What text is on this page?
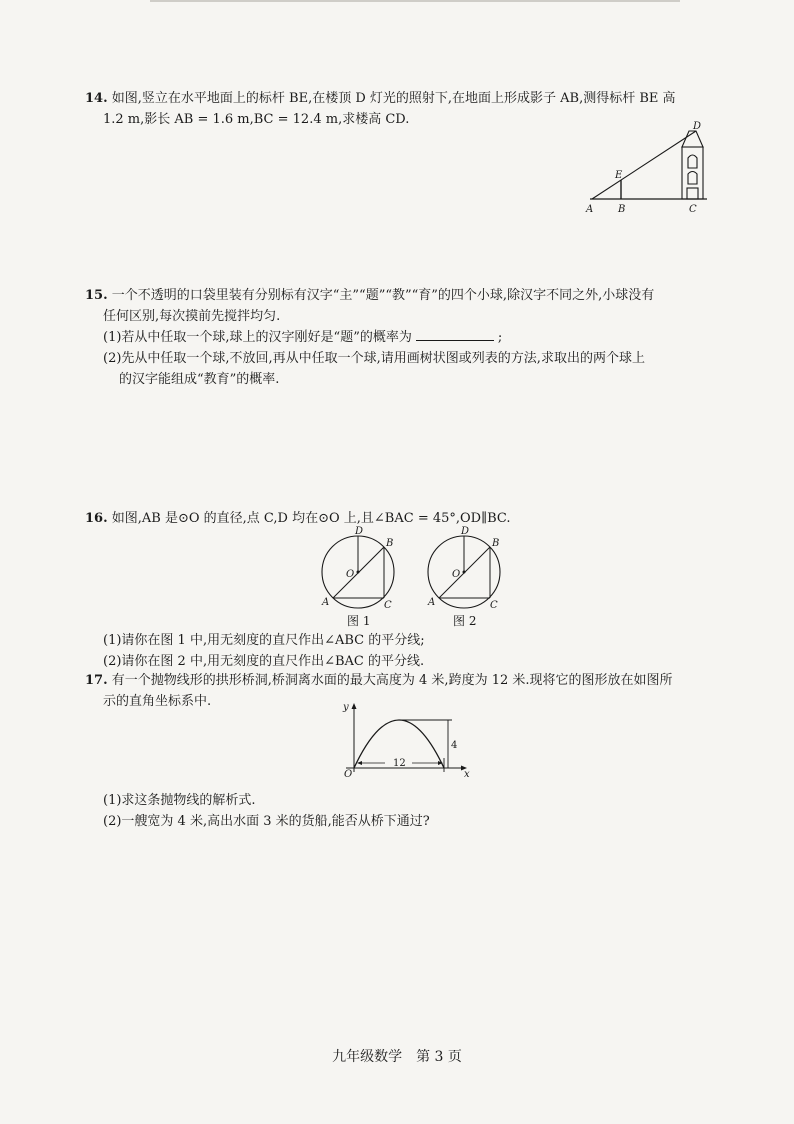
14. 如图,竖立在水平地面上的标杆 BE,在楼顶 D 灯光的照射下,在地面上形成影子 AB,测得标杆 BE 高
1.2 m,影长 AB = 1.6 m,BC = 12.4 m,求楼高 CD.	D
E
A B	C
15. 一个不透明的口袋里装有分别标有汉字“主”“题”“教”“育”的四个小球,除汉字不同之外,小球没有
任何区别,每次摸前先搅拌均匀.
(1)若从中任取一个球,球上的汉字刚好是“题”的概率为	;
(2)先从中任取一个球,不放回,再从中任取一个球,请用画树状图或列表的方法,求取出的两个球上
的汉字能组成“教育”的概率.
16. 如图,AB 是⊙O 的直径,点 C,D 均在⊙O 上,且∠BAC = 45°,OD∥BC.
D
B
O
A	C
图 1
D
B
O
A	C
图 2
(1)请你在图 1 中,用无刻度的直尺作出∠ABC 的平分线;
(2)请你在图 2 中,用无刻度的直尺作出∠BAC 的平分线.
17. 有一个抛物线形的拱形桥洞,桥洞离水面的最大高度为 4 米,跨度为 12 米.现将它的图形放在如图所
示的直角坐标系中.	y
x
O
12
4
(1)求这条抛物线的解析式.
(2)一艘宽为 4 米,高出水面 3 米的货船,能否从桥下通过?
九年级数学　第 3 页
